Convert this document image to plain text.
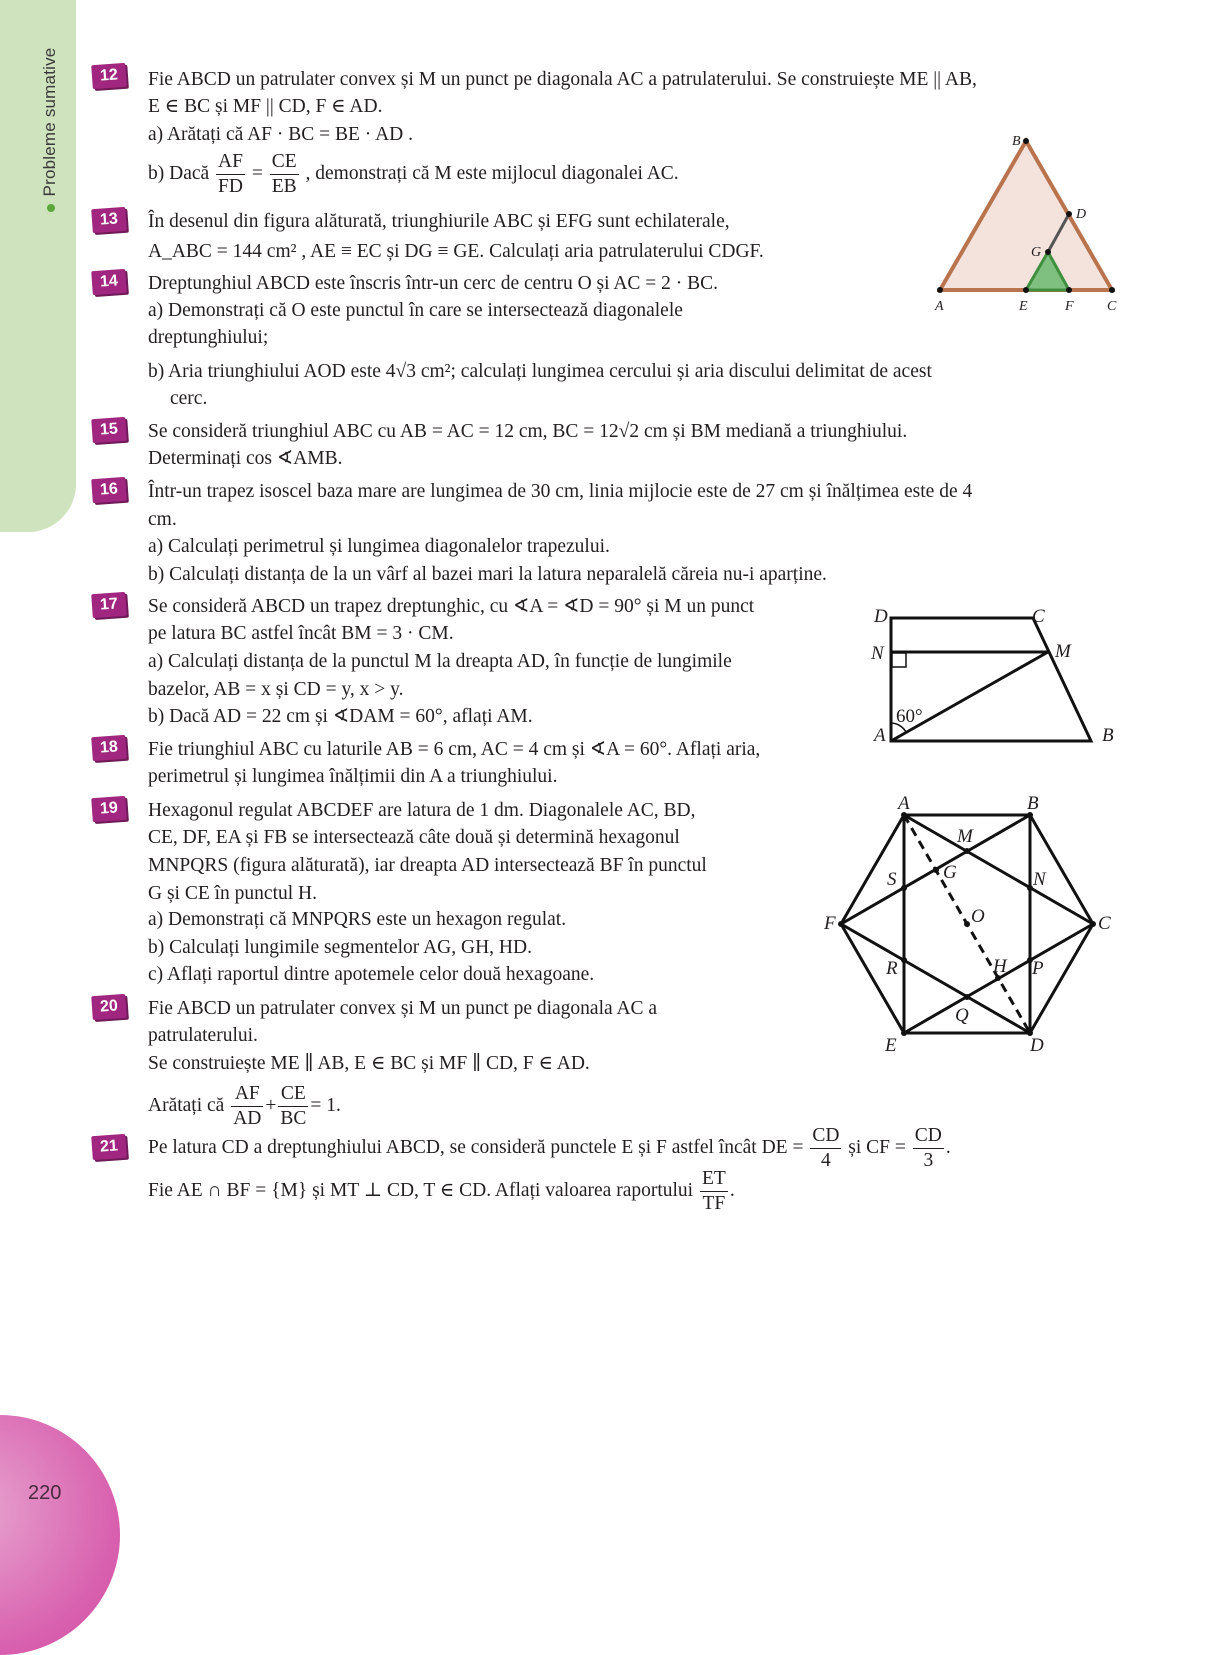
Probleme sumative
220
12	Fie ABCD un patrulater convex și M un punct pe diagonala AC a patrulaterului. Se construiește ME || AB,
E ∈ BC și MF || CD, F ∈ AD.
a) Arătați că AF · BC = BE · AD .
b) Dacă $\frac{AF}{FD} = \frac{CE}{EB}$ , demonstrați că M este mijlocul diagonalei AC.
13	În desenul din figura alăturată, triunghiurile ABC și EFG sunt echilaterale,
A_ABC = 144 cm² , AE ≡ EC și DG ≡ GE. Calculați aria patrulaterului CDGF.
14	Dreptunghiul ABCD este înscris într-un cerc de centru O și AC = 2 · BC.
a) Demonstrați că O este punctul în care se intersectează diagonalele
dreptunghiului;
b) Aria triunghiului AOD este 4√3 cm²; calculați lungimea cercului și aria discului delimitat de acest
cerc.
15	Se consideră triunghiul ABC cu AB = AC = 12 cm, BC = 12√2 cm și BM mediană a triunghiului.
Determinați cos ∢AMB.
16	Într-un trapez isoscel baza mare are lungimea de 30 cm, linia mijlocie este de 27 cm și înălțimea este de 4
cm.
a) Calculați perimetrul și lungimea diagonalelor trapezului.
b) Calculați distanța de la un vârf al bazei mari la latura neparalelă căreia nu-i aparține.
17	Se consideră ABCD un trapez dreptunghic, cu ∢A = ∢D = 90° și M un punct
pe latura BC astfel încât BM = 3 · CM.
a) Calculați distanța de la punctul M la dreapta AD, în funcție de lungimile
bazelor, AB = x și CD = y, x > y.
b) Dacă AD = 22 cm și ∢DAM = 60°, aflați AM.
18	Fie triunghiul ABC cu laturile AB = 6 cm, AC = 4 cm și ∢A = 60°. Aflați aria,
perimetrul și lungimea înălțimii din A a triunghiului.
19	Hexagonul regulat ABCDEF are latura de 1 dm. Diagonalele AC, BD,
CE, DF, EA și FB se intersectează câte două și determină hexagonul
MNPQRS (figura alăturată), iar dreapta AD intersectează BF în punctul
G și CE în punctul H.
a) Demonstrați că MNPQRS este un hexagon regulat.
b) Calculați lungimile segmentelor AG, GH, HD.
c) Aflați raportul dintre apotemele celor două hexagoane.
20	Fie ABCD un patrulater convex și M un punct pe diagonala AC a
patrulaterului.
Se construiește ME ∥ AB, E ∈ BC și MF ∥ CD, F ∈ AD.
Arătați că $\frac{AF}{AD} + \frac{CE}{BC} = 1$.
21	Pe latura CD a dreptunghiului ABCD, se consideră punctele E și F astfel încât DE = $\frac{CD}{4}$ și CF = $\frac{CD}{3}$ .
Fie AE ∩ BF = {M} și MT ⊥ CD, T ∈ CD. Aflați valoarea raportului $\frac{ET}{TF}$ .
A
B
C
D
E	F
G
60°
A	B
C
D
M
N
A	B
C
D
E
F
M
N
P
Q
R
S G
H
O
